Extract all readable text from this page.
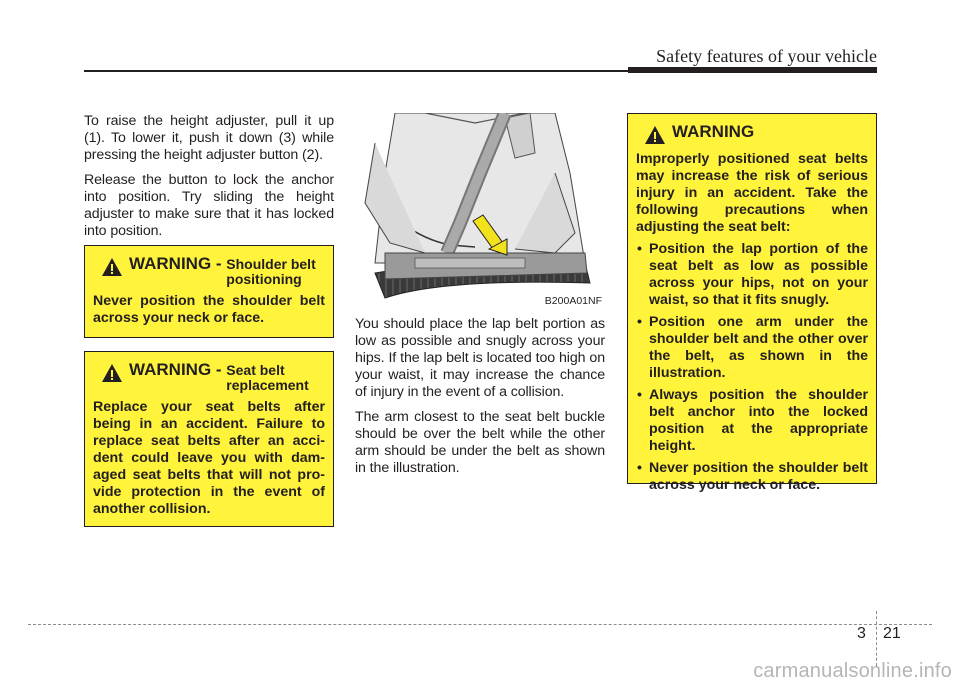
Safety features of your vehicle

To raise the height adjuster, pull it up (1). To lower it, push it down (3) while pressing the height adjuster button (2).

Release the button to lock the anchor into position. Try sliding the height adjuster to make sure that it has locked into position.

WARNING - Shoulder belt positioning

Never position the shoulder belt across your neck or face.

WARNING - Seat belt replacement

Replace your seat belts after being in an accident. Failure to replace seat belts after an acci-dent could leave you with dam-aged seat belts that will not pro-vide protection in the event of another collision.

B200A01NF

You should place the lap belt portion as low as possible and snugly across your hips. If the lap belt is located too high on your waist, it may increase the chance of injury in the event of a collision.

The arm closest to the seat belt buckle should be over the belt while the other arm should be under the belt as shown in the illustration.

WARNING

Improperly positioned seat belts may increase the risk of serious injury in an accident. Take the following precautions when adjusting the seat belt:

• Position the lap portion of the seat belt as low as possible across your hips, not on your waist, so that it fits snugly.
• Position one arm under the shoulder belt and the other over the belt, as shown in the illustration.
• Always position the shoulder belt anchor into the locked position at the appropriate height.
• Never position the shoulder belt across your neck or face.
3 21
carmanualsonline.info
